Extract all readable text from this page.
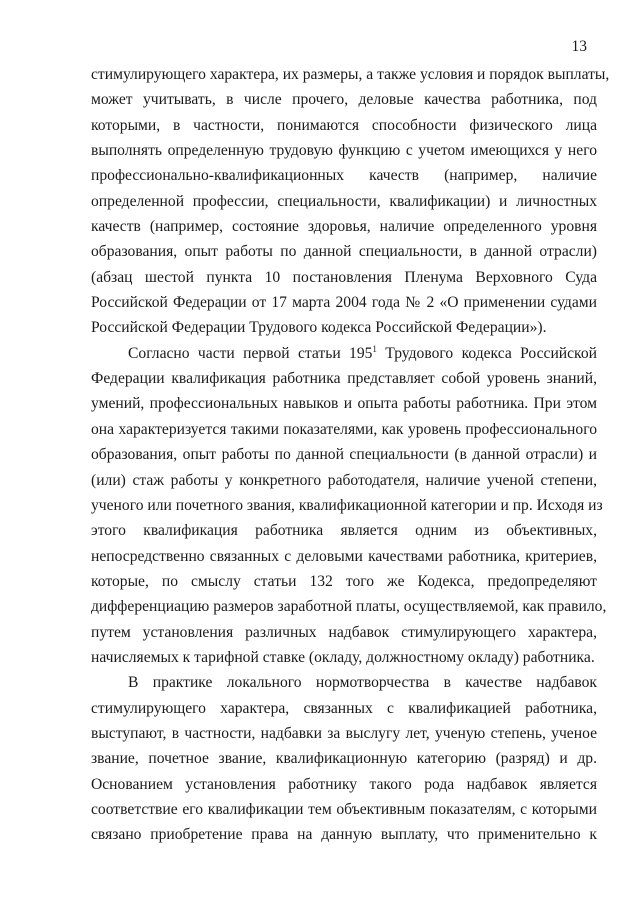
13
стимулирующего характера, их размеры, а также условия и порядок выплаты,
может учитывать, в числе прочего, деловые качества работника, под
которыми, в частности, понимаются способности физического лица
выполнять определенную трудовую функцию с учетом имеющихся у него
профессионально-квалификационных качеств (например, наличие
определенной профессии, специальности, квалификации) и личностных
качеств (например, состояние здоровья, наличие определенного уровня
образования, опыт работы по данной специальности, в данной отрасли)
(абзац шестой пункта 10 постановления Пленума Верховного Суда
Российской Федерации от 17 марта 2004 года № 2 «О применении судами
Российской Федерации Трудового кодекса Российской Федерации»).
Согласно части первой статьи $195^1$ Трудового кодекса Российской
Федерации квалификация работника представляет собой уровень знаний,
умений, профессиональных навыков и опыта работы работника. При этом
она характеризуется такими показателями, как уровень профессионального
образования, опыт работы по данной специальности (в данной отрасли) и
(или) стаж работы у конкретного работодателя, наличие ученой степени,
ученого или почетного звания, квалификационной категории и пр. Исходя из
этого квалификация работника является одним из объективных,
непосредственно связанных с деловыми качествами работника, критериев,
которые, по смыслу статьи 132 того же Кодекса, предопределяют
дифференциацию размеров заработной платы, осуществляемой, как правило,
путем установления различных надбавок стимулирующего характера,
начисляемых к тарифной ставке (окладу, должностному окладу) работника.
В практике локального нормотворчества в качестве надбавок
стимулирующего характера, связанных с квалификацией работника,
выступают, в частности, надбавки за выслугу лет, ученую степень, ученое
звание, почетное звание, квалификационную категорию (разряд) и др.
Основанием установления работнику такого рода надбавок является
соответствие его квалификации тем объективным показателям, с которыми
связано приобретение права на данную выплату, что применительно к
